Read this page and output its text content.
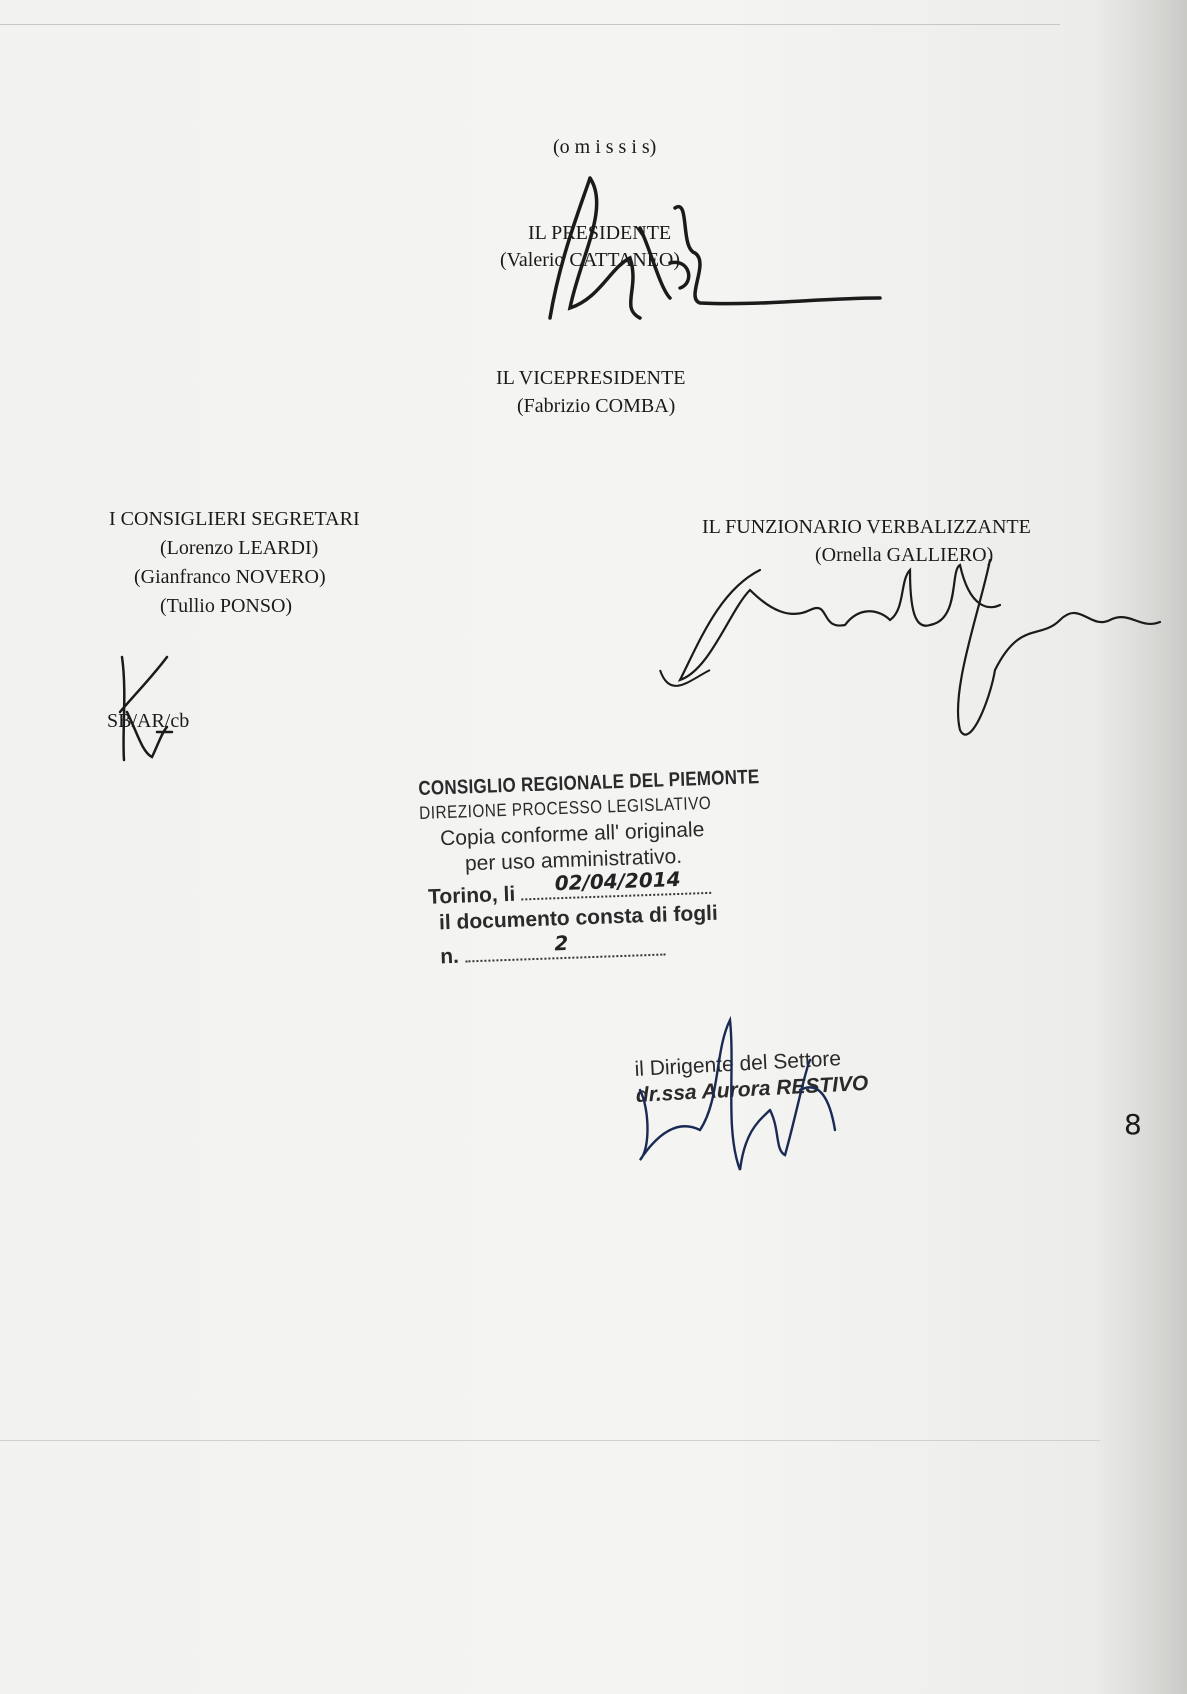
(o m i s s i s)
IL PRESIDENTE
(Valerio CATTANEO)
IL VICEPRESIDENTE
(Fabrizio COMBA)
I CONSIGLIERI SEGRETARI
(Lorenzo LEARDI)
(Gianfranco NOVERO)
(Tullio PONSO)
IL FUNZIONARIO VERBALIZZANTE
(Ornella GALLIERO)
SB/AR/cb
CONSIGLIO REGIONALE DEL PIEMONTE
DIREZIONE PROCESSO LEGISLATIVO
Copia conforme all' originale
per uso amministrativo.
Torino, li
02/04/2014
il documento consta di fogli
n.
2
il Dirigente del Settore
dr.ssa Aurora RESTIVO
8
